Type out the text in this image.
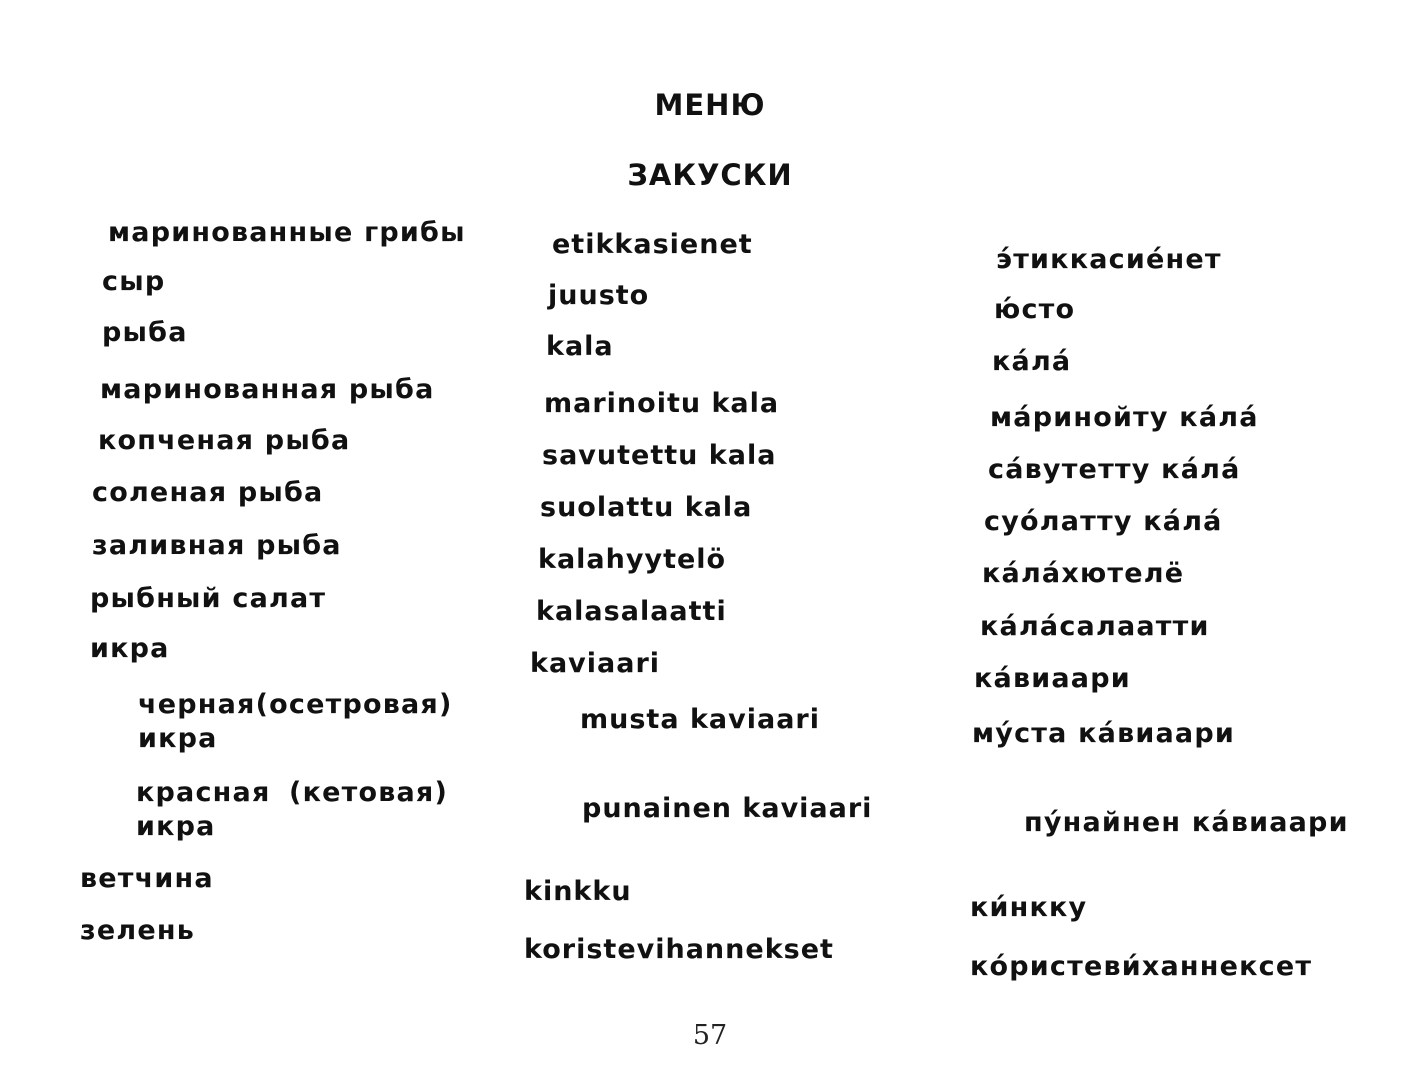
МЕНЮ
ЗАКУСКИ
маринованные грибы
сыр
рыба
маринованная рыба
копченая рыба
соленая рыба
заливная рыба
рыбный салат
икра
черная (осетровая)
икра
красная (кетовая)
икра
ветчина
зелень
etikkasienet
juusto
kala
marinoitu kala
savutettu kala
suolattu kala
kalahyytelö
kalasalaatti
kaviaari
musta kaviaari
punainen kaviaari
kinkku
koristevihannekset
э́тиккасие́нет
ю́сто
ка́ла́
ма́ринойту ка́ла́
са́вутетту ка́ла́
суо́латту ка́ла́
ка́ла́хютелё
ка́ла́салаатти
ка́виаари
му́ста ка́виаари
пу́найнен ка́виаари
ки́нкку
ко́ристеви́ханнексет
57
